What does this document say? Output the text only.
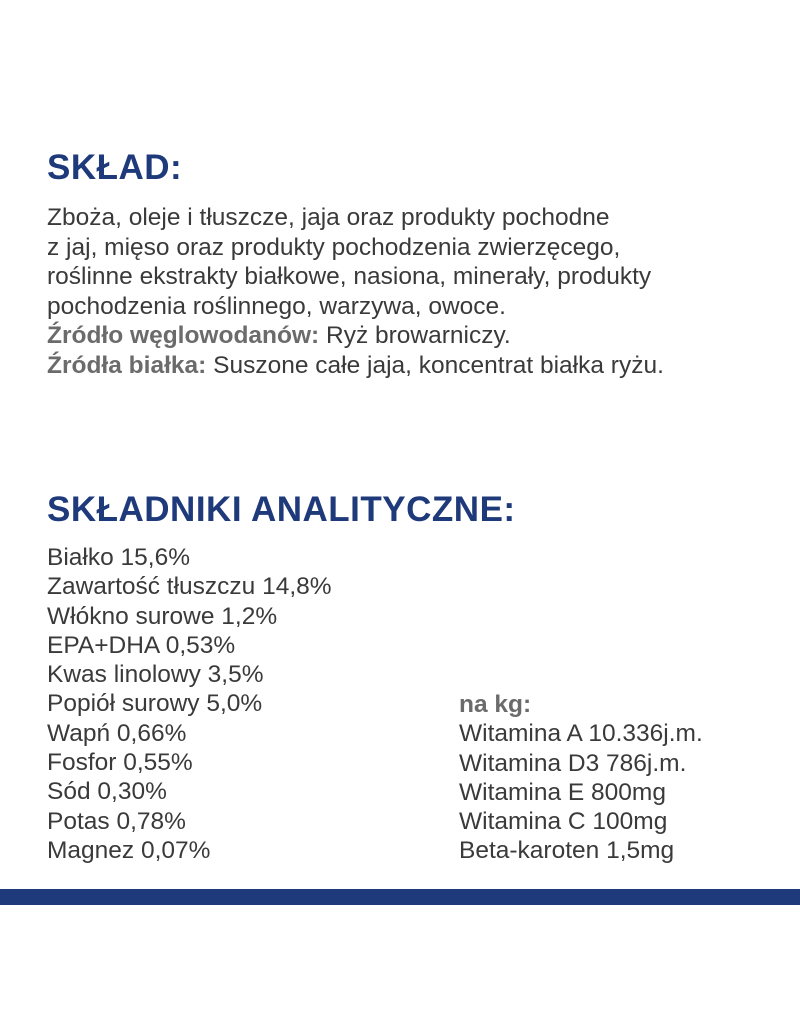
SKŁAD:
Zboża, oleje i tłuszcze, jaja oraz produkty pochodne
z jaj, mięso oraz produkty pochodzenia zwierzęcego,
roślinne ekstrakty białkowe, nasiona, minerały, produkty
pochodzenia roślinnego, warzywa, owoce.
Źródło węglowodanów: Ryż browarniczy.
Źródła białka: Suszone całe jaja, koncentrat białka ryżu.
SKŁADNIKI ANALITYCZNE:
Białko 15,6%
Zawartość tłuszczu 14,8%
Włókno surowe 1,2%
EPA+DHA 0,53%
Kwas linolowy 3,5%
Popiół surowy 5,0%
Wapń 0,66%
Fosfor 0,55%
Sód 0,30%
Potas 0,78%
Magnez 0,07%
na kg:
Witamina A 10.336j.m.
Witamina D3 786j.m.
Witamina E 800mg
Witamina C 100mg
Beta-karoten 1,5mg
